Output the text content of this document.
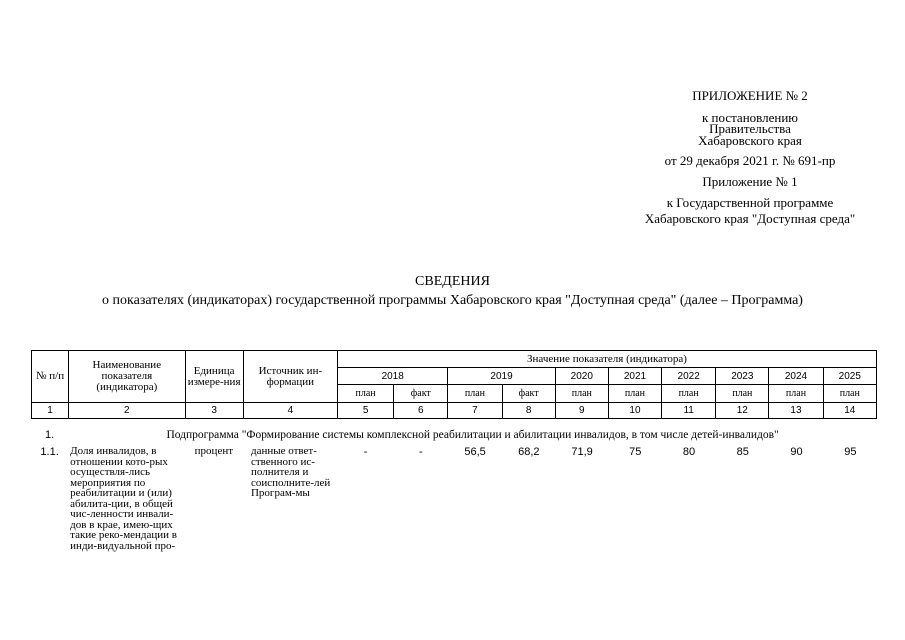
ПРИЛОЖЕНИЕ № 2
к постановлению
Правительства
Хабаровского края
от 29 декабря 2021 г. № 691-пр
Приложение № 1
к Государственной программе
Хабаровского края "Доступная среда"
СВЕДЕНИЯ
о показателях (индикаторах) государственной программы Хабаровского края "Доступная среда" (далее – Программа)
№ п/п	Наименование показателя (индикатора)	Единица измере-ния	Источник ин-формации	Значение показателя (индикатора)									
				2018		2019		2020	2021	2022	2023	2024	2025
				план	факт	план	факт	план	план	план	план	план	план
1	2	3	4	5	6	7	8	9	10	11	12	13	14
1.	Подпрограмма "Формирование системы комплексной реабилитации и абилитации инвалидов, в том числе детей-инвалидов"												
1.1.	Доля инвалидов, в отношении кото-рых осуществля-лись мероприятия по реабилитации и (или) абилита-ции, в общей чис-ленности инвали-дов в крае, имею-щих такие реко-мендации в инди-видуальной про-	процент	данные ответ-ственного ис-полнителя и соисполните-лей Програм-мы	-	-	56,5	68,2	71,9	75	80	85	90	95
